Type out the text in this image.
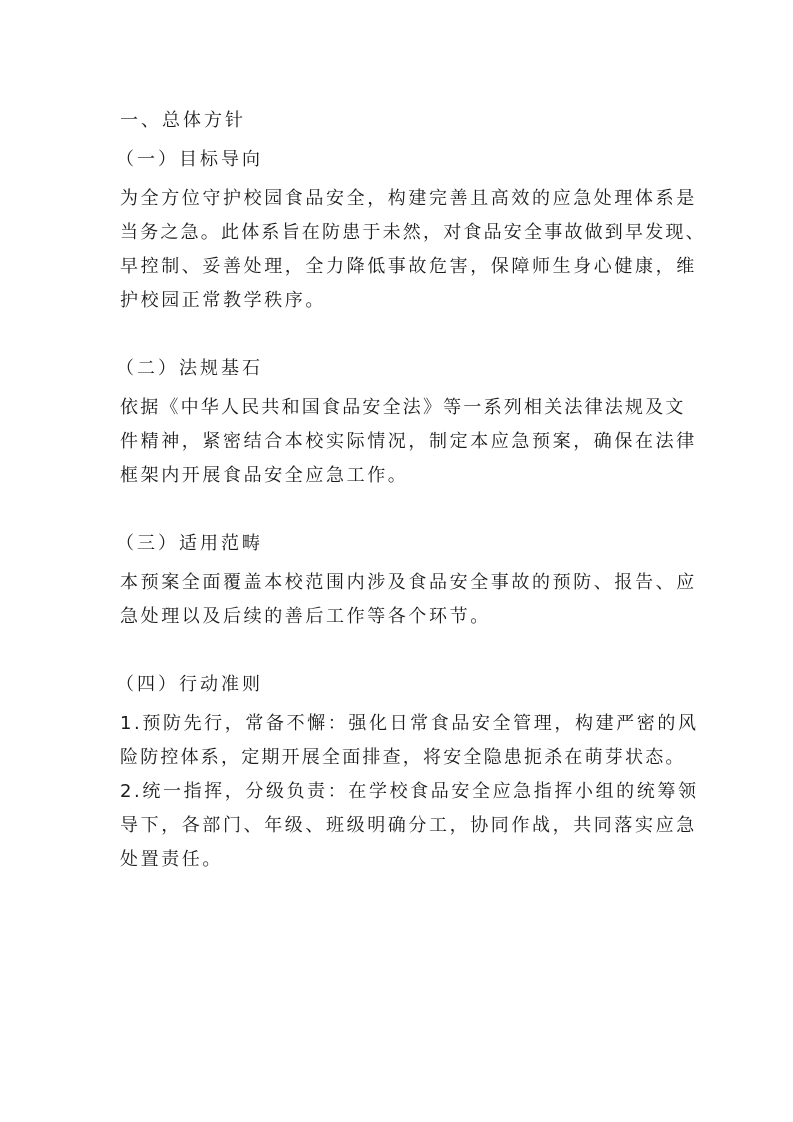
一、总体方针
（一）目标导向
为全方位守护校园食品安全，构建完善且高效的应急处理体系是
当务之急。此体系旨在防患于未然，对食品安全事故做到早发现、
早控制、妥善处理，全力降低事故危害，保障师生身心健康，维
护校园正常教学秩序。
（二）法规基石
依据《中华人民共和国食品安全法》等一系列相关法律法规及文
件精神，紧密结合本校实际情况，制定本应急预案，确保在法律
框架内开展食品安全应急工作。
（三）适用范畴
本预案全面覆盖本校范围内涉及食品安全事故的预防、报告、应
急处理以及后续的善后工作等各个环节。
（四）行动准则
1.预防先行，常备不懈：强化日常食品安全管理，构建严密的风
险防控体系，定期开展全面排查，将安全隐患扼杀在萌芽状态。
2.统一指挥，分级负责：在学校食品安全应急指挥小组的统筹领
导下，各部门、年级、班级明确分工，协同作战，共同落实应急
处置责任。
